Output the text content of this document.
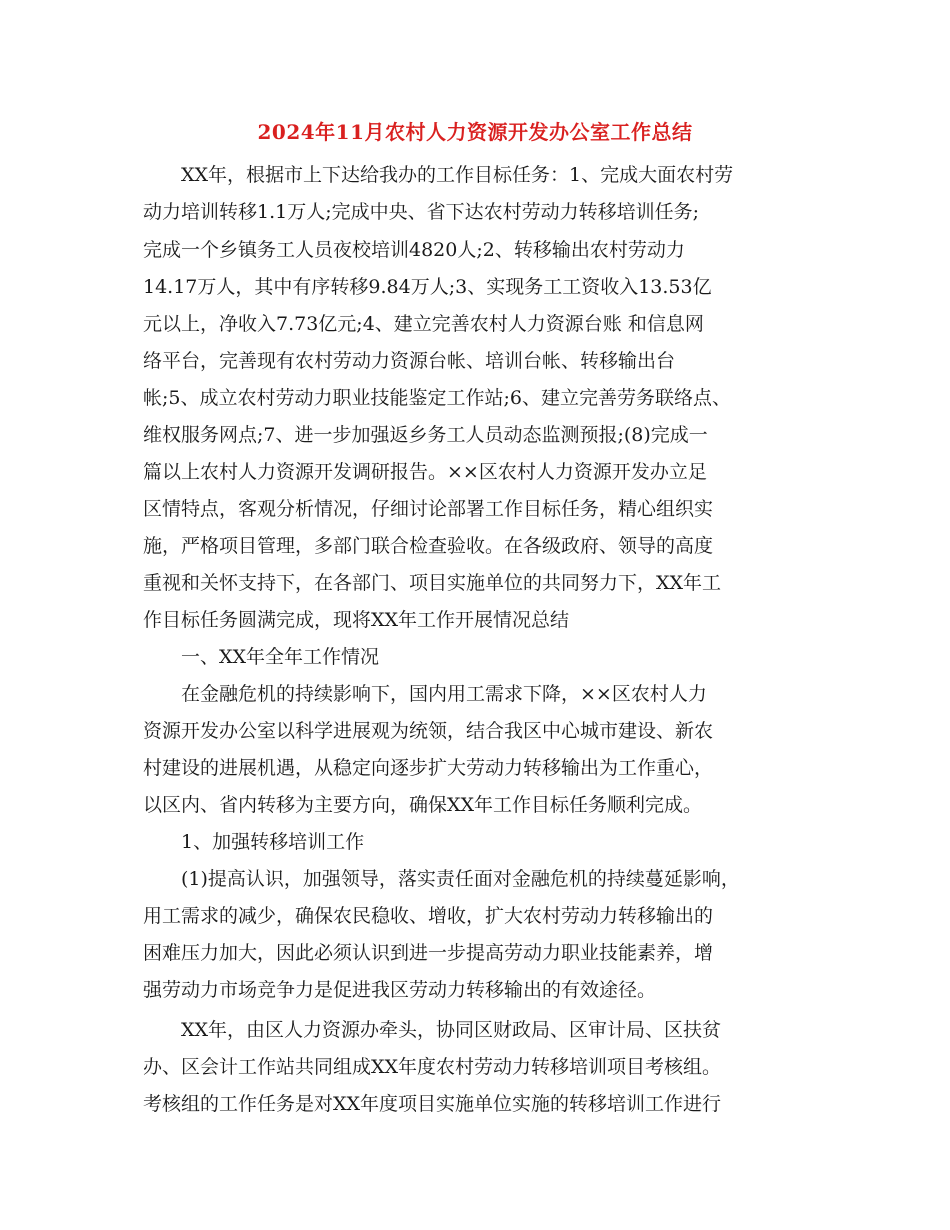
2024年11月农村人力资源开发办公室工作总结
XX年，根据市上下达给我办的工作目标任务：1、完成大面农村劳
动力培训转移1.1万人;完成中央、省下达农村劳动力转移培训任务;
完成一个乡镇务工人员夜校培训4820人;2、转移输出农村劳动力
14.17万人，其中有序转移9.84万人;3、实现务工工资收入13.53亿
元以上，净收入7.73亿元;4、建立完善农村人力资源台账 和信息网
络平台，完善现有农村劳动力资源台帐、培训台帐、转移输出台
帐;5、成立农村劳动力职业技能鉴定工作站;6、建立完善劳务联络点、
维权服务网点;7、进一步加强返乡务工人员动态监测预报;(8)完成一
篇以上农村人力资源开发调研报告。××区农村人力资源开发办立足
区情特点，客观分析情况，仔细讨论部署工作目标任务，精心组织实
施，严格项目管理，多部门联合检查验收。在各级政府、领导的高度
重视和关怀支持下，在各部门、项目实施单位的共同努力下，XX年工
作目标任务圆满完成，现将XX年工作开展情况总结
一、XX年全年工作情况
在金融危机的持续影响下，国内用工需求下降，××区农村人力
资源开发办公室以科学进展观为统领，结合我区中心城市建设、新农
村建设的进展机遇，从稳定向逐步扩大劳动力转移输出为工作重心，
以区内、省内转移为主要方向，确保XX年工作目标任务顺利完成。
1、加强转移培训工作
(1)提高认识，加强领导，落实责任面对金融危机的持续蔓延影响，
用工需求的减少，确保农民稳收、增收，扩大农村劳动力转移输出的
困难压力加大，因此必须认识到进一步提高劳动力职业技能素养，增
强劳动力市场竞争力是促进我区劳动力转移输出的有效途径。
XX年，由区人力资源办牵头，协同区财政局、区审计局、区扶贫
办、区会计工作站共同组成XX年度农村劳动力转移培训项目考核组。
考核组的工作任务是对XX年度项目实施单位实施的转移培训工作进行
